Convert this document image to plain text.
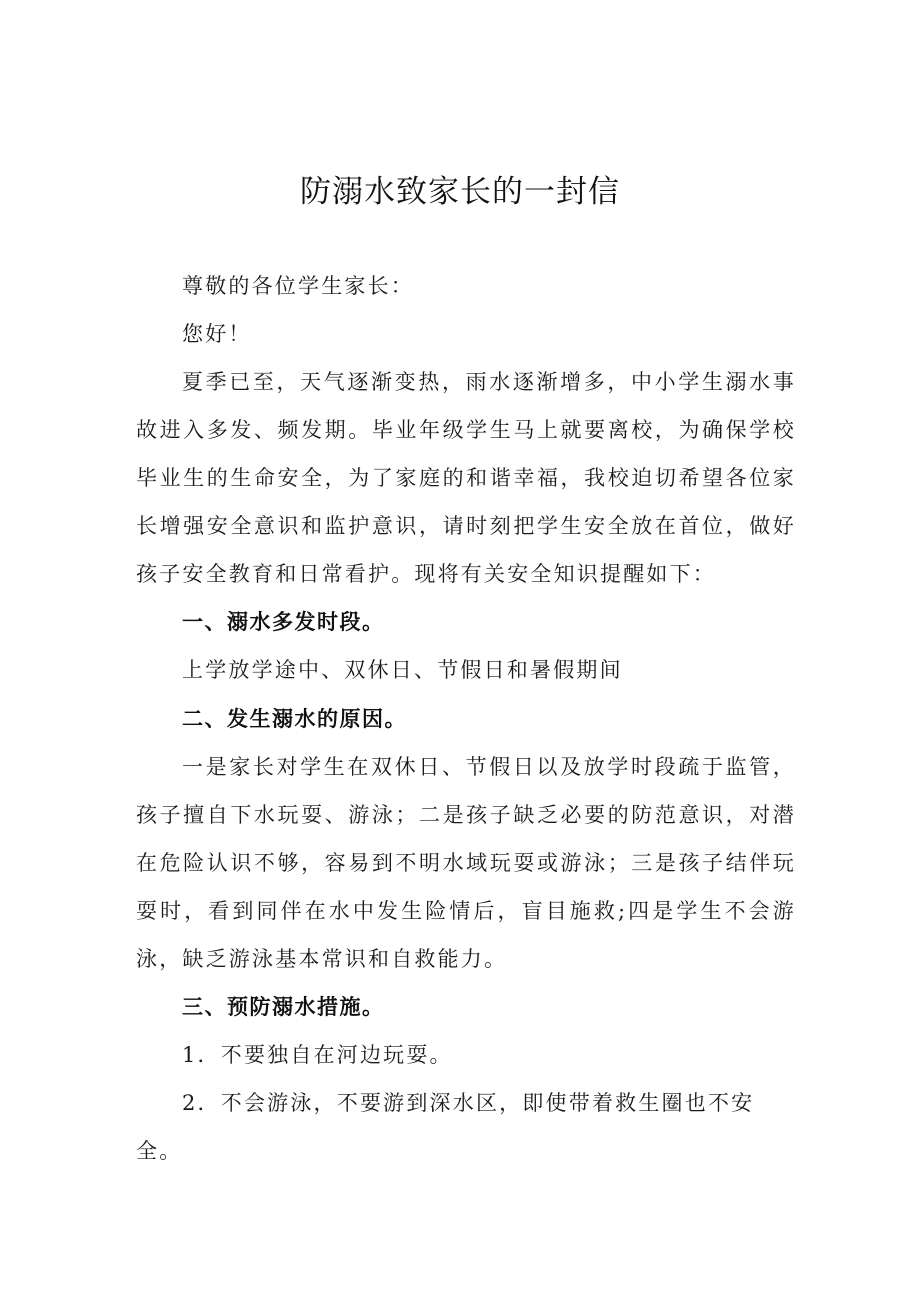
防溺水致家长的一封信

尊敬的各位学生家长：

您好！

夏季已至，天气逐渐变热，雨水逐渐增多，中小学生溺水事故进入多发、频发期。毕业年级学生马上就要离校，为确保学校毕业生的生命安全，为了家庭的和谐幸福，我校迫切希望各位家长增强安全意识和监护意识，请时刻把学生安全放在首位，做好孩子安全教育和日常看护。现将有关安全知识提醒如下：

一、溺水多发时段。

上学放学途中、双休日、节假日和暑假期间

二、发生溺水的原因。

一是家长对学生在双休日、节假日以及放学时段疏于监管，孩子擅自下水玩耍、游泳；二是孩子缺乏必要的防范意识，对潜在危险认识不够，容易到不明水域玩耍或游泳；三是孩子结伴玩耍时，看到同伴在水中发生险情后，盲目施救;四是学生不会游泳，缺乏游泳基本常识和自救能力。

三、预防溺水措施。

1．不要独自在河边玩耍。

2．不会游泳，不要游到深水区，即使带着救生圈也不安全。
